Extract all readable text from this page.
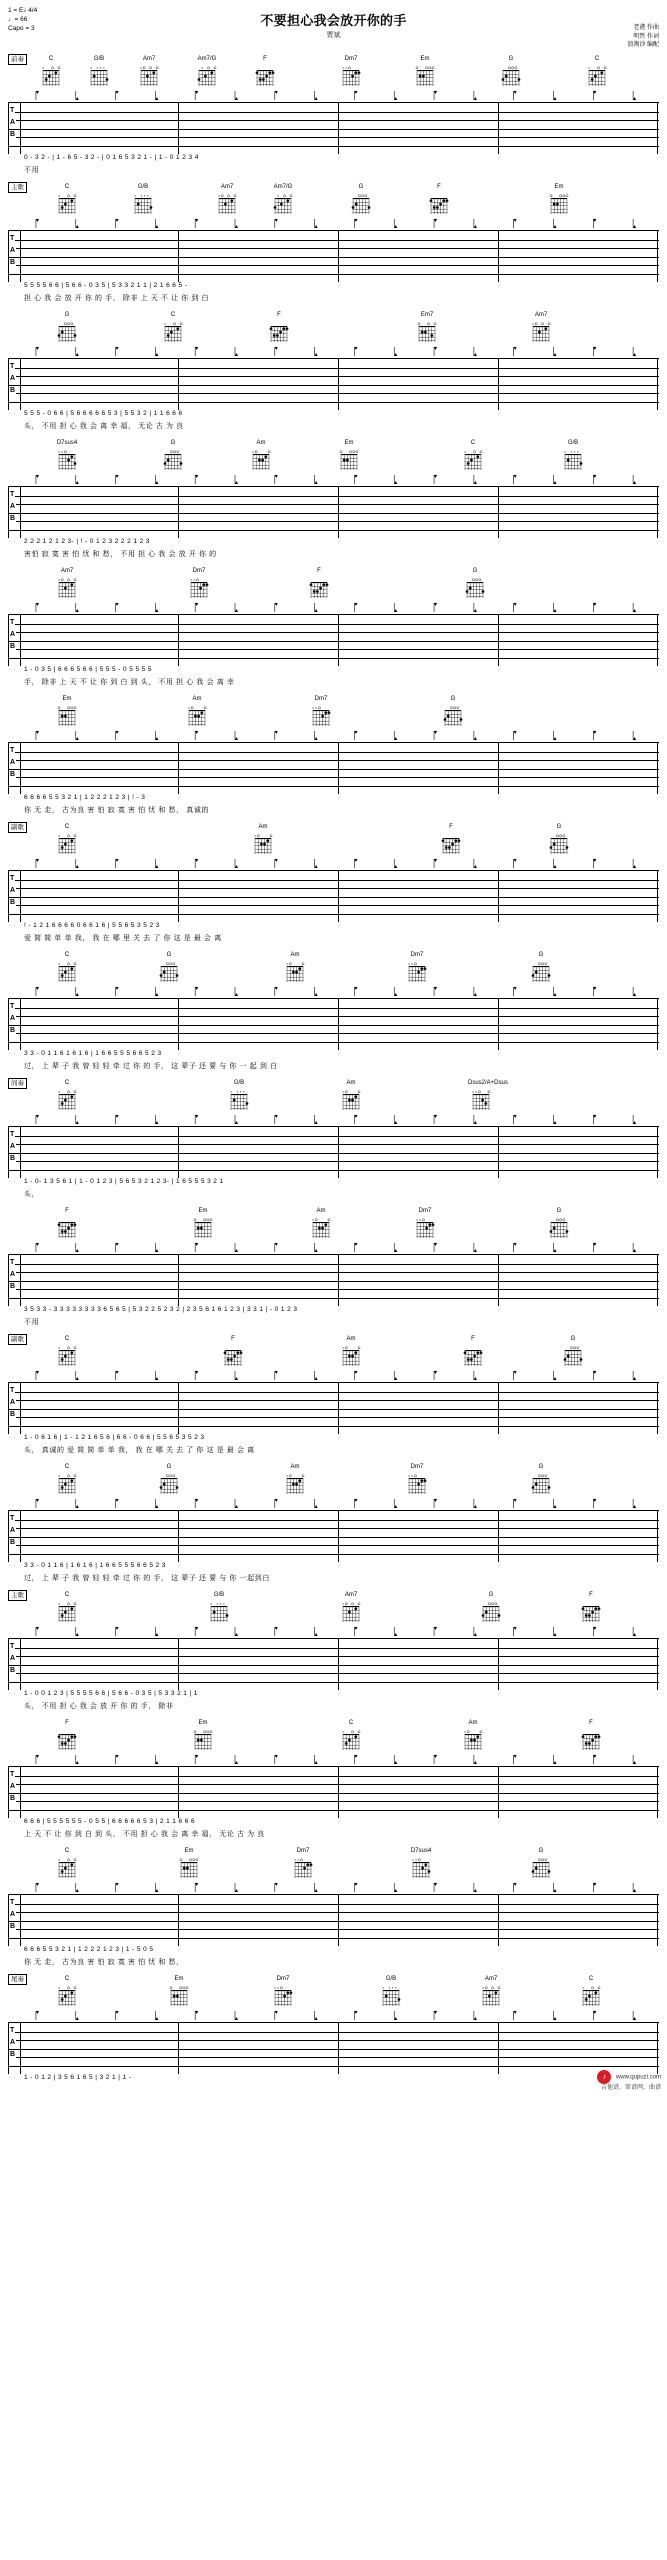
1 = E♭ 4/4
♩= 66
Capo = 3
不要担心我会放开你的手
贾斌
老港 作曲
明哲 作词
浪淘沙 编配
前奏	C
×
G/B
× × × ×
Am7
×
Am7/G
×
F	Dm7
× ×
Em	G	C
×
T
A
B
0 - 3 2 - | 1 - 6 5 - 3 2 - | 0 1 6 5 3 2 1 - | 1 - 0 1 2 3 4
不用
主歌	C
×
G/B
× × × ×
Am7
×
Am7/G
×
G	F	Em
T
A
B
5 5 5 5 6 6 | 5 6 6 - 0 3 5 | 5 3 3 2 1 1 | 2 1 6 6 5 -
担 心 我 会 放 开 你 的 手， 除非 上 天 不 让 你 到 白
G	C
×
F	Em7	Am7
×
T
A
B
5 5 5 - 0 6 6 | 5 6 6 6 6 6 5 3 | 5 5 3 2 | 1 1 6 6 6
头， 不用 担 心 我 会 离 幸 福， 无论 古 为 良
D7sus4
× ×
G	Am
×
Em	C
×
G/B
× × × ×
T
A
B
2 2 2 1 2 1 2 3- | ! - 0 1 2 3 2 2 2 1 2 3
害怕 寂 寞 害 怕 忧 和 愁， 不用 担 心 我 会 放 开 你 的
Am7
×
Dm7
× ×
F	G
T
A
B
1 - 0 3 5 | 6 6 6 5 6 6 | 5 5 5 - 0 5 5 5 5
手， 除非 上 天 不 让 你 到 白 到 头， 不用 担 心 我 会 离 幸
Em	Am
×
Dm7
× ×
G
T
A
B
6 6 6 6 5 5 3 2 1 | 1 2 2 2 1 2 3 | ! - 3
你 无 走， 古为良 害 怕 寂 寞 害 怕 忧 和 愁， 真诚的
副歌	C
×
Am
×
F	G
T
A
B
! - 1 2 1 6 6 6 6 0 6 6 1 6 | 5 5 6 5 3 5 2 3
爱 简 简 单 单 我， 我 在 哪 里 关 去 了 你 这 是 最 会 离
C
×
G	Am
×
Dm7
× ×
G
T
A
B
3 3 - 0 1 1 6 1 6 1 6 | 1 6 6 5 5 5 6 6 5 2 3
过， 上 辈 子 我 曾 轻 轻 牵 过 你 的 手， 这 辈子 还 要 与 你 一 起 到 白
间奏	C
×
G/B
× × × ×
Am
×
Dsus2/A+Dsus
× ×
T
A
B
1 - 0- 1 3 5 6 1 | 1 - 0 1 2 3 | 5 6 5 3 2 1 2 3- | 1 6 5 5 5 3 2 1
头，
F	Em	Am
×
Dm7
× ×
G
T
A
B
3 5 3 3 - 3 3 3 3 3 3 3 3 6 5 6 5 | 5 3 2 2 5 2 3 2 | 2 3 5 6 1 6 1 2 3 | 3 3 1 | - 0 1 2 3
不用
副歌	C
×
F	Am
×
F	G
T
A
B
1 - 0 6 1 6 | 1 - 1 2 1 6 5 6 | 6 6 - 0 6 6 | 5 5 6 5 3 5 2 3
头， 真诚的 爱 简 简 单 单 我， 我 在 哪 关 去 了 你 这 是 最 会 离
C
×
G	Am
×
Dm7
× ×
G
T
A
B
3 3 - 0 1 1 6 | 1 6 1 6 | 1 6 6 5 5 5 6 6 5 2 3
过， 上 辈 子 我 曾 轻 轻 牵 过 你 的 手， 这 辈子 还 要 与 你 一起到白
主歌	C
×
G/B
× × × ×
Am7
×
G	F
T
A
B
1 - 0 0 1 2 3 | 5 5 5 5 6 6 | 5 6 6 - 0 3 5 | 5 3 3 2 1 | 1
头， 不用 担 心 我 会 放 开 你 的 手， 除非
F	Em	C
×
Am
×
F
T
A
B
6 6 6 | 5 5 5 5 5 5 - 0 5 5 | 6 6 6 6 6 5 3 | 2 1 1 6 6 6
上 天 不 让 你 到 白 到 头， 不用 担 心 我 会 离 幸 福， 无论 古 为 良
C
×
Em	Dm7
× ×
D7sus4
× ×
G
T
A
B
6 6 6 5 5 3 2 1 | 1 2 2 2 1 2 3 | 1 - 5 0 5
你 无 走， 古为良 害 怕 寂 寞 害 怕 忧 和 愁，
尾奏	C
×
Em	Dm7
× ×
G/B
× × × ×
Am7
×
C
×
T
A
B
1 - 0 1 2 | 3 5 6 1 6 5 | 3 2 1 | 1 -	♪ www.qupuzi.com
吉他谱、简谱网、曲谱
